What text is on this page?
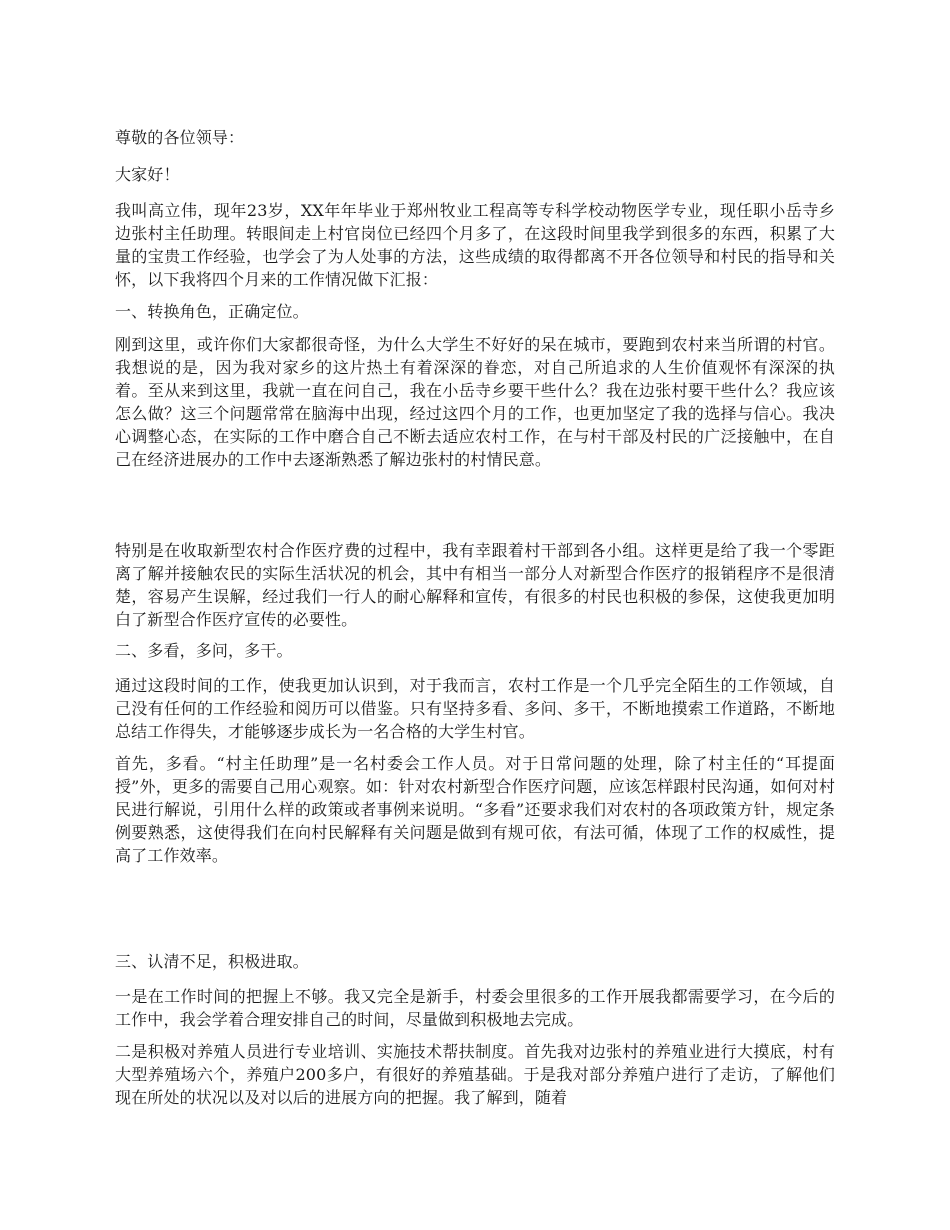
尊敬的各位领导：

大家好！

我叫高立伟，现年23岁，XX年年毕业于郑州牧业工程高等专科学校动物医学专业，现任职小岳寺乡边张村主任助理。转眼间走上村官岗位已经四个月多了，在这段时间里我学到很多的东西，积累了大量的宝贵工作经验，也学会了为人处事的方法，这些成绩的取得都离不开各位领导和村民的指导和关怀，以下我将四个月来的工作情况做下汇报：

一、转换角色，正确定位。

刚到这里，或许你们大家都很奇怪，为什么大学生不好好的呆在城市，要跑到农村来当所谓的村官。我想说的是，因为我对家乡的这片热土有着深深的眷恋，对自己所追求的人生价值观怀有深深的执着。至从来到这里，我就一直在问自己，我在小岳寺乡要干些什么？我在边张村要干些什么？我应该怎么做？这三个问题常常在脑海中出现，经过这四个月的工作，也更加坚定了我的选择与信心。我决心调整心态，在实际的工作中磨合自己不断去适应农村工作，在与村干部及村民的广泛接触中，在自己在经济进展办的工作中去逐渐熟悉了解边张村的村情民意。

特别是在收取新型农村合作医疗费的过程中，我有幸跟着村干部到各小组。这样更是给了我一个零距离了解并接触农民的实际生活状况的机会，其中有相当一部分人对新型合作医疗的报销程序不是很清楚，容易产生误解，经过我们一行人的耐心解释和宣传，有很多的村民也积极的参保，这使我更加明白了新型合作医疗宣传的必要性。

二、多看，多问，多干。

通过这段时间的工作，使我更加认识到，对于我而言，农村工作是一个几乎完全陌生的工作领域，自己没有任何的工作经验和阅历可以借鉴。只有坚持多看、多问、多干，不断地摸索工作道路，不断地总结工作得失，才能够逐步成长为一名合格的大学生村官。

首先，多看。“村主任助理”是一名村委会工作人员。对于日常问题的处理，除了村主任的“耳提面授”外，更多的需要自己用心观察。如：针对农村新型合作医疗问题，应该怎样跟村民沟通，如何对村民进行解说，引用什么样的政策或者事例来说明。“多看”还要求我们对农村的各项政策方针，规定条例要熟悉，这使得我们在向村民解释有关问题是做到有规可依，有法可循，体现了工作的权威性，提高了工作效率。

三、认清不足，积极进取。

一是在工作时间的把握上不够。我又完全是新手，村委会里很多的工作开展我都需要学习，在今后的工作中，我会学着合理安排自己的时间，尽量做到积极地去完成。

二是积极对养殖人员进行专业培训、实施技术帮扶制度。首先我对边张村的养殖业进行大摸底，村有大型养殖场六个，养殖户200多户，有很好的养殖基础。于是我对部分养殖户进行了走访，了解他们现在所处的状况以及对以后的进展方向的把握。我了解到，随着
